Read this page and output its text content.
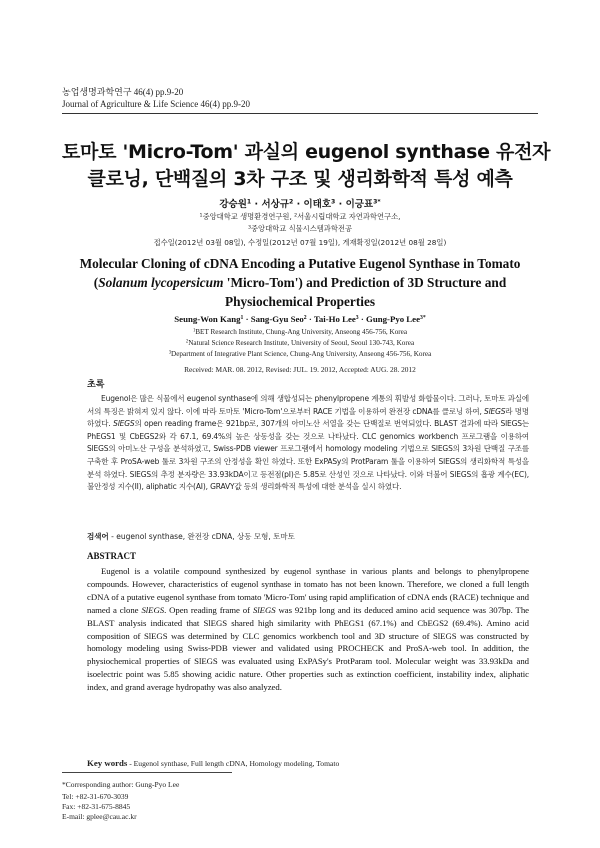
농업생명과학연구 46(4) pp.9-20
Journal of Agriculture & Life Science 46(4) pp.9-20
토마토 'Micro-Tom' 과실의 eugenol synthase 유전자
클로닝, 단백질의 3차 구조 및 생리화학적 특성 예측
강승원$^1$ · 서상규$^2$ · 이태호$^3$ · 이긍표$^{3*}$
$^1$중앙대학교 생명환경연구원, $^2$서울시립대학교 자연과학연구소,
$^3$중앙대학교 식물시스템과학전공
접수일(2012년 03월 08일), 수정일(2012년 07월 19일), 게재확정일(2012년 08월 28일)
Molecular Cloning of cDNA Encoding a Putative Eugenol Synthase in Tomato
(Solanum lycopersicum 'Micro-Tom') and Prediction of 3D Structure and
Physiochemical Properties
Seung-Won Kang$^1$ · Sang-Gyu Seo$^2$ · Tai-Ho Lee$^3$ · Gung-Pyo Lee$^{3*}$
$^1$BET Research Institute, Chung-Ang University, Anseong 456-756, Korea
$^2$Natural Science Research Institute, University of Seoul, Seoul 130-743, Korea
$^3$Department of Integrative Plant Science, Chung-Ang University, Anseong 456-756, Korea
Received: MAR. 08. 2012, Revised: JUL. 19. 2012, Accepted: AUG. 28. 2012
초록
Eugenol은 많은 식물에서 eugenol synthase에 의해 생합성되는 phenylpropene 계통의 휘발성 화합물이다. 그러나, 토마토 과실에서의 특징은 밝혀져 있지 않다. 이에 따라 토마토 'Micro-Tom'으로부터 RACE 기법을 이용하여 완전장 cDNA를 클로닝 하여, SlEGS라 명명하였다. SlEGS의 open reading frame은 921bp로, 307개의 아미노산 서열을 갖는 단백질로 번역되었다. BLAST 결과에 따라 SlEGS는 PhEGS1 및 CbEGS2와 각 67.1, 69.4%의 높은 상동성을 갖는 것으로 나타났다. CLC genomics workbench 프로그램을 이용하여 SlEGS의 아미노산 구성을 분석하였고, Swiss-PDB viewer 프로그램에서 homology modeling 기법으로 SlEGS의 3차원 단백질 구조를 구축한 후 ProSA-web 툴로 3차원 구조의 안정성을 확인 하였다. 또한 ExPASy의 ProtParam 툴을 이용하여 SlEGS의 생리화학적 특성을 분석 하였다. SlEGS의 추정 분자량은 33.93kDA이고 등전점(pI)은 5.85로 산성인 것으로 나타났다. 이와 더불어 SlEGS의 흡광 계수(EC), 불안정성 지수(II), aliphatic 지수(AI), GRAVY값 등의 생리화학적 특성에 대한 분석을 실시 하였다.
검색어 - eugenol synthase, 완전장 cDNA, 상동 모형, 토마토
ABSTRACT
Eugenol is a volatile compound synthesized by eugenol synthase in various plants and belongs to phenylpropene compounds. However, characteristics of eugenol synthase in tomato has not been known. Therefore, we cloned a full length cDNA of a putative eugenol synthase from tomato 'Micro-Tom' using rapid amplification of cDNA ends (RACE) technique and named a clone SlEGS. Open reading frame of SlEGS was 921bp long and its deduced amino acid sequence was 307bp. The BLAST analysis indicated that SlEGS shared high similarity with PhEGS1 (67.1%) and CbEGS2 (69.4%). Amino acid composition of SlEGS was determined by CLC genomics workbench tool and 3D structure of SlEGS was constructed by homology modeling using Swiss-PDB viewer and validated using PROCHECK and ProSA-web tool. In addition, the physiochemical properties of SlEGS was evaluated using ExPASy's ProtParam tool. Molecular weight was 33.93kDa and isoelectric point was 5.85 showing acidic nature. Other properties such as extinction coefficient, instability index, aliphatic index, and grand average hydropathy was also analyzed.
Key words - Eugenol synthase, Full length cDNA, Homology modeling, Tomato
*Corresponding author: Gung-Pyo Lee
Tel: +82-31-670-3039
Fax: +82-31-675-8845
E-mail: gplee@cau.ac.kr
